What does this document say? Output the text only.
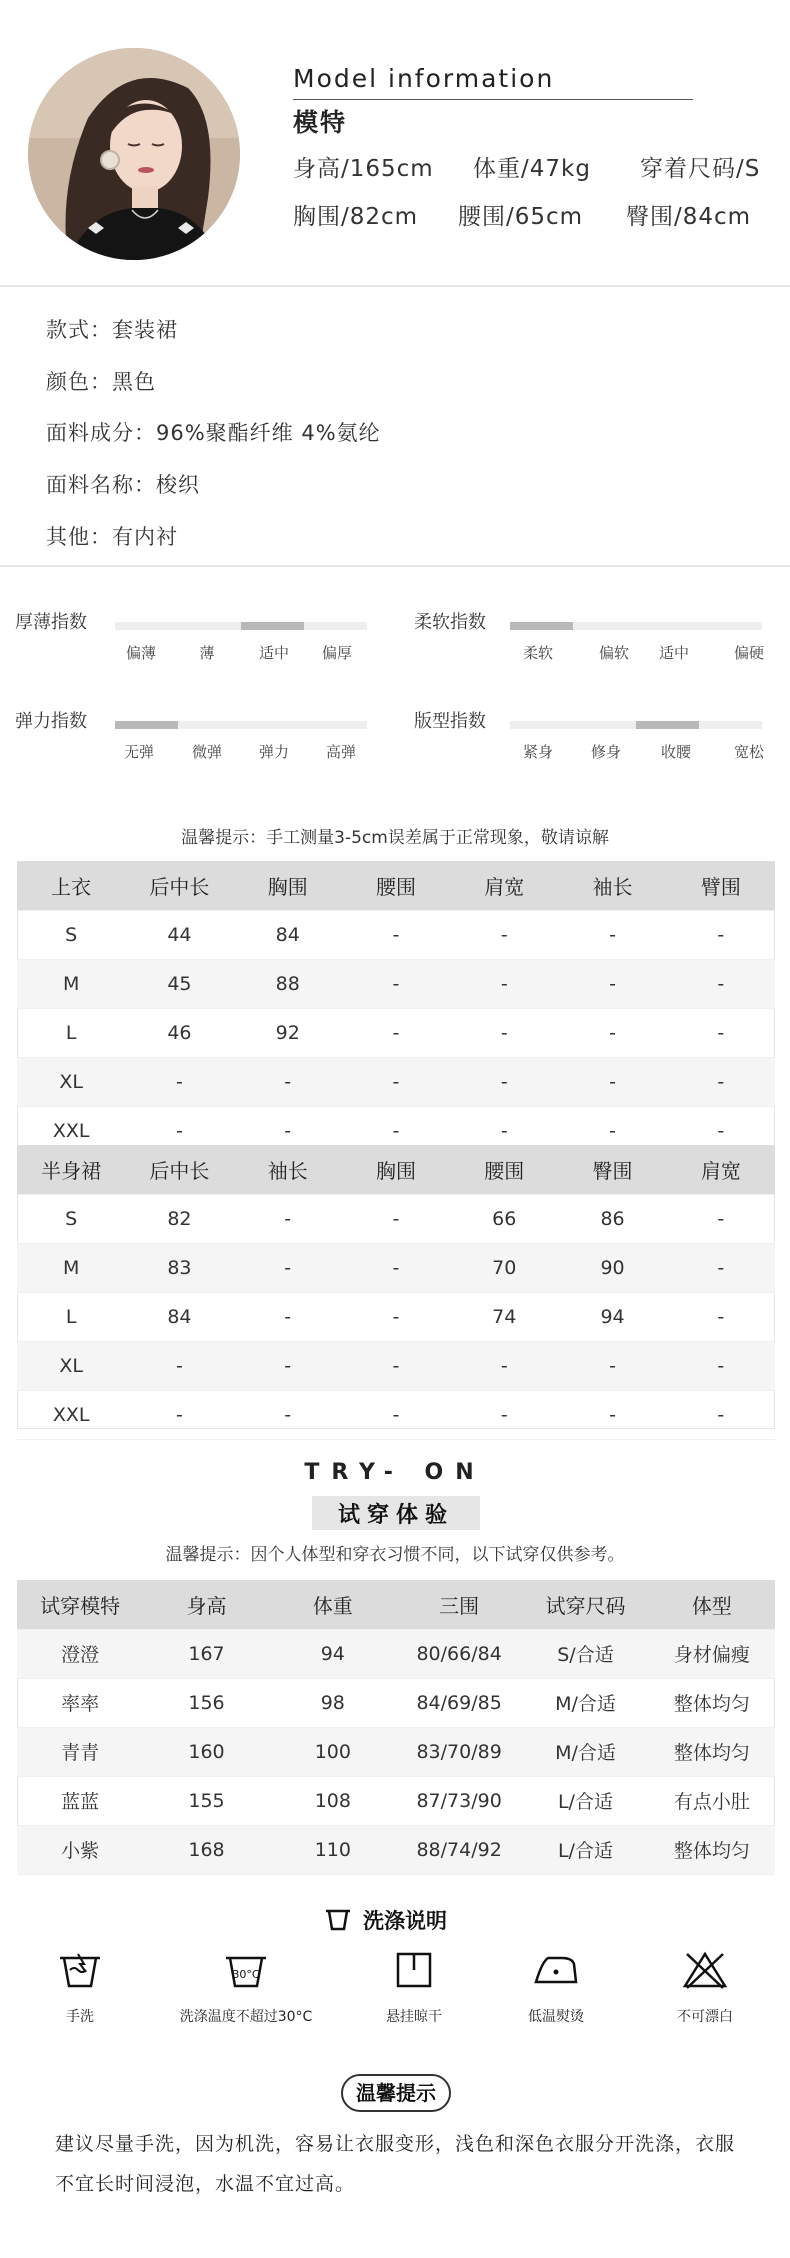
Model information
模特
身高/165cm 体重/47kg 穿着尺码/S
胸围/82cm 腰围/65cm 臀围/84cm
款式：套装裙
颜色：黑色
面料成分：96%聚酯纤维 4%氨纶
面料名称：梭织
其他：有内衬
厚薄指数
偏薄	薄	适中 偏厚
柔软指数
柔软	偏软 适中	偏硬
弹力指数
无弹	微弹 弹力 高弹
版型指数
紧身	修身	收腰	宽松
温馨提示：手工测量3-5cm误差属于正常现象，敬请谅解
上衣	后中长	胸围	腰围	肩宽	袖长	臂围
S	44	84	-	-	-	-
M	45	88	-	-	-	-
L	46	92	-	-	-	-
XL	-	-	-	-	-	-
XXL	-	-	-	-	-	-
半身裙	后中长	袖长	胸围	腰围	臀围	肩宽
S	82	-	-	66	86	-
M	83	-	-	70	90	-
L	84	-	-	74	94	-
XL	-	-	-	-	-	-
XXL	-	-	-	-	-	-
TRY- ON
试穿体验
温馨提示：因个人体型和穿衣习惯不同，以下试穿仅供参考。
试穿模特	身高	体重	三围	试穿尺码	体型
澄澄	167	94	80/66/84	S/合适	身材偏瘦
率率	156	98	84/69/85	M/合适	整体均匀
青青	160	100	83/70/89	M/合适	整体均匀
蓝蓝	155	108	87/73/90	L/合适	有点小肚
小紫	168	110	88/74/92	L/合适	整体均匀
洗涤说明
手洗
30°C
洗涤温度不超过30°C	悬挂晾干	低温熨烫	不可漂白
温馨提示
建议尽量手洗，因为机洗，容易让衣服变形，浅色和深色衣服分开洗涤，衣服不宜长时间浸泡，水温不宜过高。
